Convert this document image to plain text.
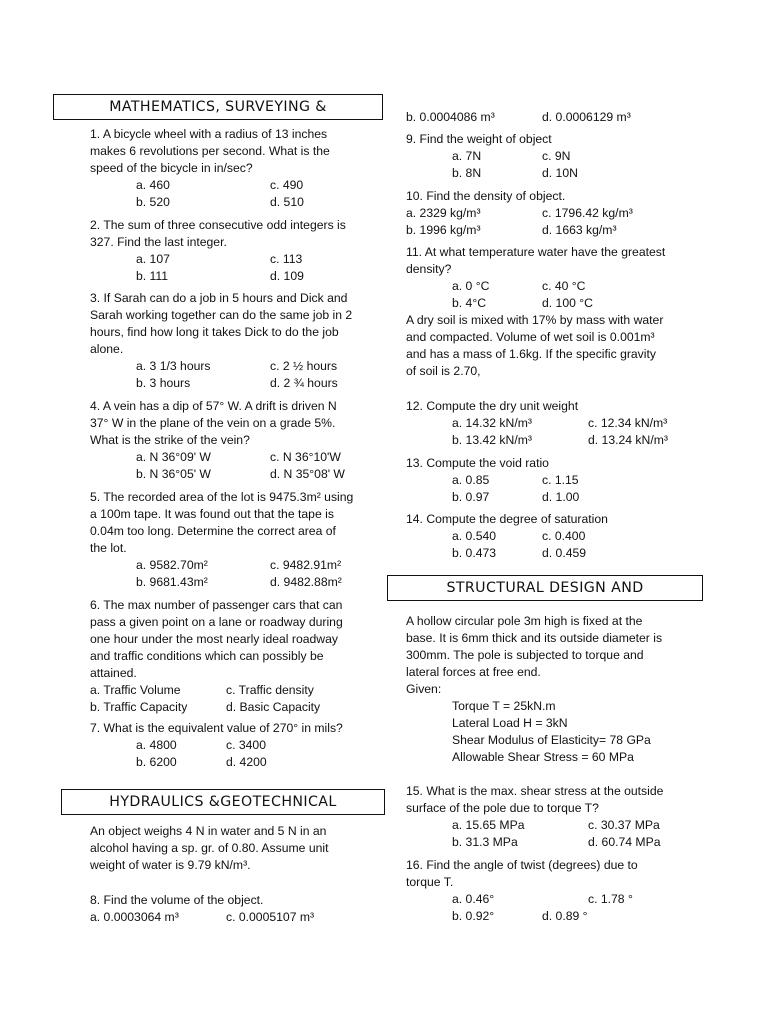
MATHEMATICS, SURVEYING &
1. A bicycle wheel with a radius of 13 inches
makes 6 revolutions per second. What is the
speed of the bicycle in in/sec?
a. 460	c. 490
b. 520	d. 510
2. The sum of three consecutive odd integers is
327. Find the last integer.
a. 107	c. 113
b. 111	d. 109
3. If Sarah can do a job in 5 hours and Dick and
Sarah working together can do the same job in 2
hours, find how long it takes Dick to do the job
alone.
a. 3 1/3 hours	c. 2 ½ hours
b. 3 hours	d. 2 ¾ hours
4. A vein has a dip of 57° W. A drift is driven N
37° W in the plane of the vein on a grade 5%.
What is the strike of the vein?
a. N 36°09' W	c. N 36°10'W
b. N 36°05' W	d. N 35°08' W
5. The recorded area of the lot is 9475.3m² using
a 100m tape. It was found out that the tape is
0.04m too long. Determine the correct area of
the lot.
a. 9582.70m²	c. 9482.91m²
b. 9681.43m²	d. 9482.88m²
6. The max number of passenger cars that can
pass a given point on a lane or roadway during
one hour under the most nearly ideal roadway
and traffic conditions which can possibly be
attained.
a. Traffic Volume	c. Traffic density
b. Traffic Capacity	d. Basic Capacity
7. What is the equivalent value of 270° in mils?
a. 4800	c. 3400
b. 6200	d. 4200
HYDRAULICS &GEOTECHNICAL
An object weighs 4 N in water and 5 N in an
alcohol having a sp. gr. of 0.80. Assume unit
weight of water is 9.79 kN/m³.
8. Find the volume of the object.
a. 0.0003064 m³	c. 0.0005107 m³
b. 0.0004086 m³	d. 0.0006129 m³
9. Find the weight of object
a. 7N	c. 9N
b. 8N	d. 10N
10. Find the density of object.
a. 2329 kg/m³	c. 1796.42 kg/m³
b. 1996 kg/m³	d. 1663 kg/m³
11. At what temperature water have the greatest
density?
a. 0 °C	c. 40 °C
b. 4°C	d. 100 °C
A dry soil is mixed with 17% by mass with water
and compacted. Volume of wet soil is 0.001m³
and has a mass of 1.6kg. If the specific gravity
of soil is 2.70,
12. Compute the dry unit weight
a. 14.32 kN/m³	c. 12.34 kN/m³
b. 13.42 kN/m³	d. 13.24 kN/m³
13. Compute the void ratio
a. 0.85	c. 1.15
b. 0.97	d. 1.00
14. Compute the degree of saturation
a. 0.540	c. 0.400
b. 0.473	d. 0.459
STRUCTURAL DESIGN AND
A hollow circular pole 3m high is fixed at the
base. It is 6mm thick and its outside diameter is
300mm. The pole is subjected to torque and
lateral forces at free end.
Given:
Torque T = 25kN.m
Lateral Load H = 3kN
Shear Modulus of Elasticity= 78 GPa
Allowable Shear Stress = 60 MPa
15. What is the max. shear stress at the outside
surface of the pole due to torque T?
a. 15.65 MPa	c. 30.37 MPa
b. 31.3 MPa	d. 60.74 MPa
16. Find the angle of twist (degrees) due to
torque T.
a. 0.46°	c. 1.78 °
b. 0.92°	d. 0.89 °
